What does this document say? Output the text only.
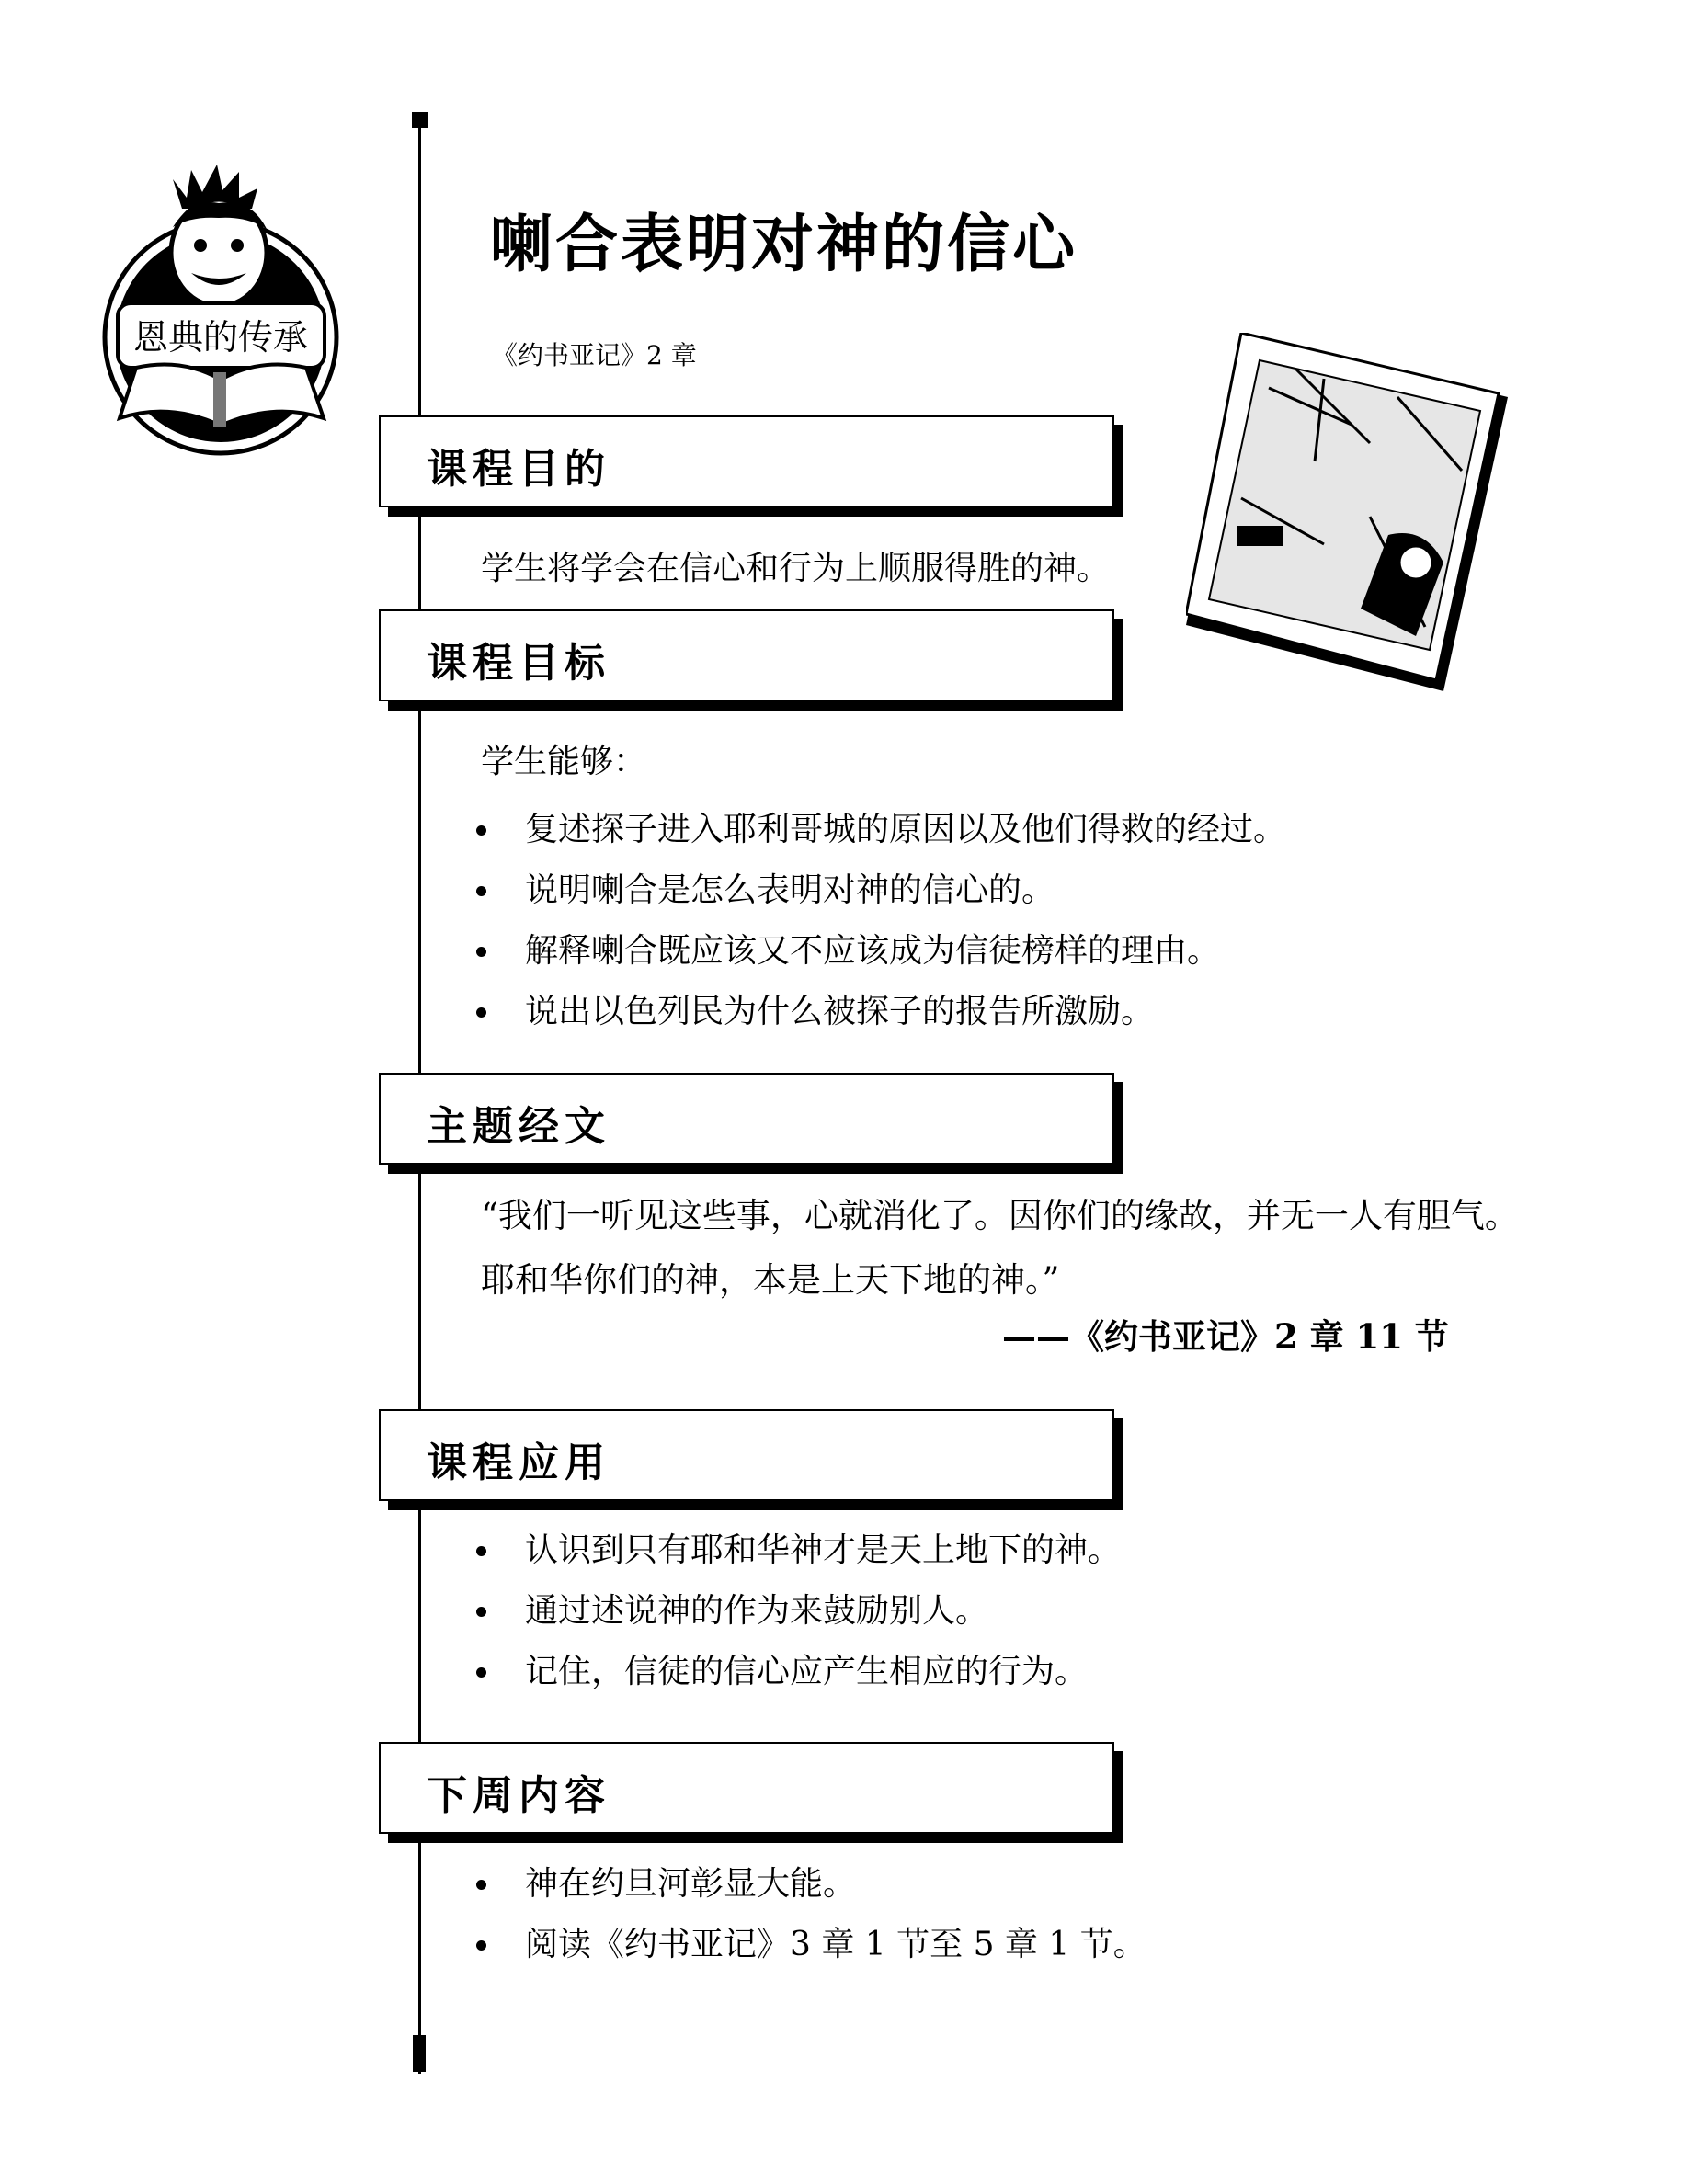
恩典的传承
喇合表明对神的信心
《约书亚记》2 章
课程目的
学生将学会在信心和行为上顺服得胜的神。
课程目标
学生能够：
复述探子进入耶利哥城的原因以及他们得救的经过。
说明喇合是怎么表明对神的信心的。
解释喇合既应该又不应该成为信徒榜样的理由。
说出以色列民为什么被探子的报告所激励。
主题经文
“我们一听见这些事，心就消化了。因你们的缘故，并无一人有胆气。耶和华你们的神，本是上天下地的神。”
——《约书亚记》2 章 11 节
课程应用
认识到只有耶和华神才是天上地下的神。
通过述说神的作为来鼓励别人。
记住，信徒的信心应产生相应的行为。
下周内容
神在约旦河彰显大能。
阅读《约书亚记》3 章 1 节至 5 章 1 节。
